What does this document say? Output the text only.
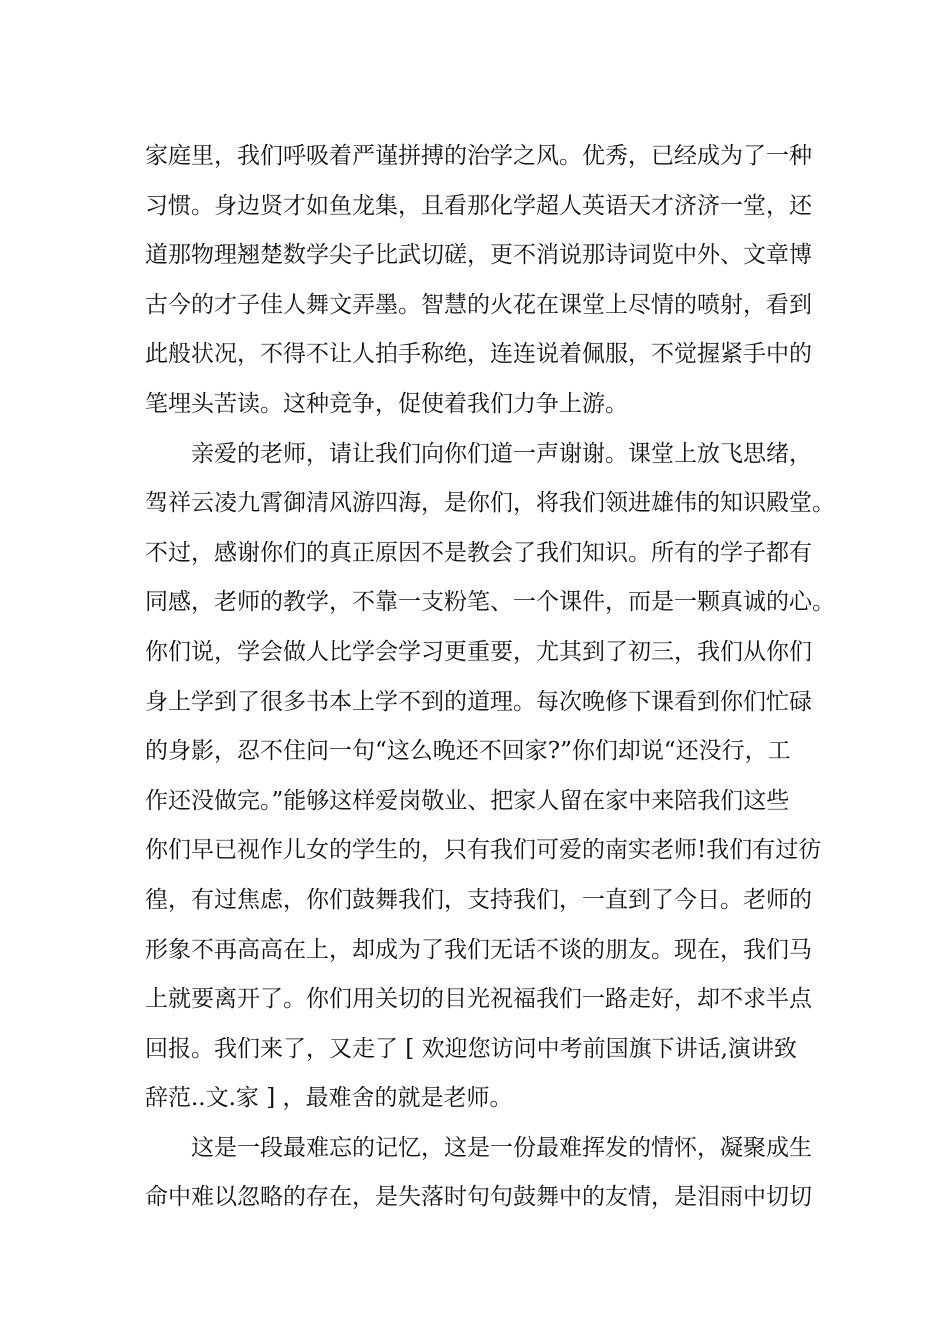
家庭里，我们呼吸着严谨拼搏的治学之风。优秀，已经成为了一种
习惯。身边贤才如鱼龙集，且看那化学超人英语天才济济一堂，还
道那物理翘楚数学尖子比武切磋，更不消说那诗词览中外、文章博
古今的才子佳人舞文弄墨。智慧的火花在课堂上尽情的喷射，看到
此般状况，不得不让人拍手称绝，连连说着佩服，不觉握紧手中的
笔埋头苦读。这种竞争，促使着我们力争上游。
亲爱的老师，请让我们向你们道一声谢谢。课堂上放飞思绪，
驾祥云凌九霄御清风游四海，是你们，将我们领进雄伟的知识殿堂。
不过，感谢你们的真正原因不是教会了我们知识。所有的学子都有
同感，老师的教学，不靠一支粉笔、一个课件，而是一颗真诚的心。
你们说，学会做人比学会学习更重要，尤其到了初三，我们从你们
身上学到了很多书本上学不到的道理。每次晚修下课看到你们忙碌
的身影，忍不住问一句“这么晚还不回家?”你们却说“还没行，工
作还没做完。”能够这样爱岗敬业、把家人留在家中来陪我们这些
你们早已视作儿女的学生的，只有我们可爱的南实老师!我们有过彷
徨，有过焦虑，你们鼓舞我们，支持我们，一直到了今日。老师的
形象不再高高在上，却成为了我们无话不谈的朋友。现在，我们马
上就要离开了。你们用关切的目光祝福我们一路走好，却不求半点
回报。我们来了，又走了 [ 欢迎您访问中考前国旗下讲话,演讲致
辞范..文.家 ] ，最难舍的就是老师。
这是一段最难忘的记忆，这是一份最难挥发的情怀，凝聚成生
命中难以忽略的存在，是失落时句句鼓舞中的友情，是泪雨中切切
